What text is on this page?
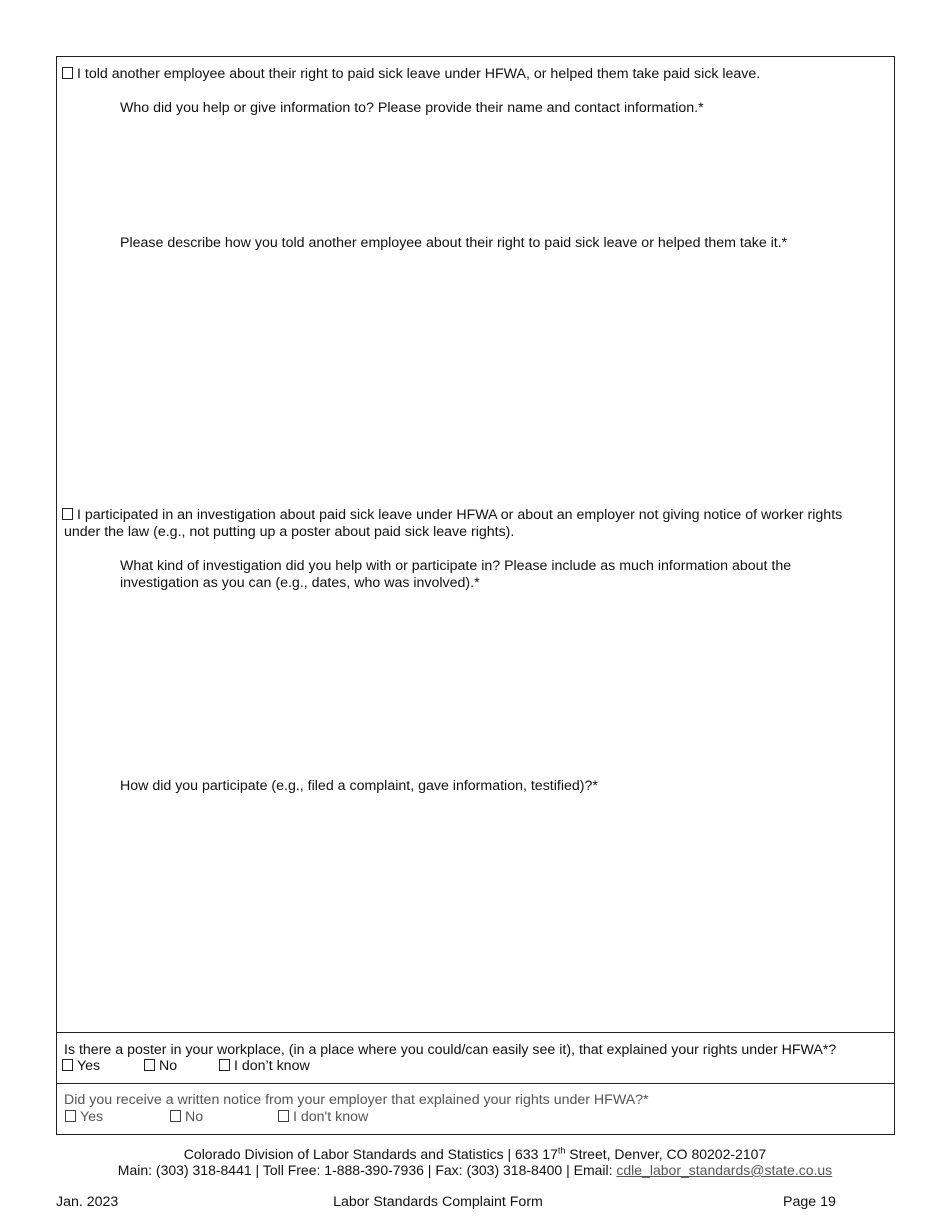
I told another employee about their right to paid sick leave under HFWA, or helped them take paid sick leave.
Who did you help or give information to? Please provide their name and contact information.*
Please describe how you told another employee about their right to paid sick leave or helped them take it.*
I participated in an investigation about paid sick leave under HFWA or about an employer not giving notice of worker rights
under the law (e.g., not putting up a poster about paid sick leave rights).
What kind of investigation did you help with or participate in? Please include as much information about the
investigation as you can (e.g., dates, who was involved).*
How did you participate (e.g., filed a complaint, gave information, testified)?*
Is there a poster in your workplace, (in a place where you could/can easily see it), that explained your rights under HFWA*?
Yes	No	I don’t know
Did you receive a written notice from your employer that explained your rights under HFWA?*
Yes	No	I don't know
Colorado Division of Labor Standards and Statistics | 633 17th Street, Denver, CO 80202-2107
Main: (303) 318-8441 | Toll Free: 1-888-390-7936 | Fax: (303) 318-8400 | Email: cdle_labor_standards@state.co.us
Jan. 2023	Labor Standards Complaint Form	Page 19
